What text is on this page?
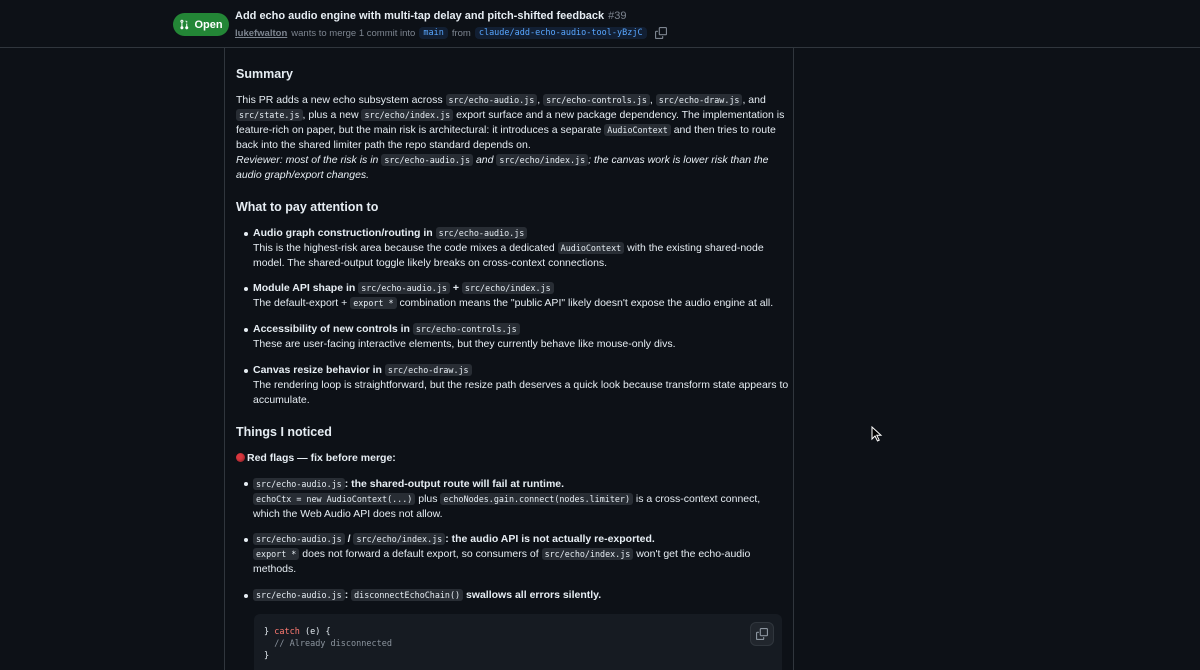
Open
Add echo audio engine with multi-tap delay and pitch-shifted feedback #39
lukefwalton wants to merge 1 commit into main from claude/add-echo-audio-tool-yBzjC
Summary

This PR adds a new echo subsystem across src/echo-audio.js , src/echo-controls.js , src/echo-draw.js , and

src/state.js , plus a new src/echo/index.js export surface and a new package dependency. The implementation is

feature-rich on paper, but the main risk is architectural: it introduces a separate AudioContext and then tries to route

back into the shared limiter path the repo standard depends on.

Reviewer: most of the risk is in src/echo-audio.js and src/echo/index.js ; the canvas work is lower risk than the

audio graph/export changes.

What to pay attention to

Audio graph construction/routing in src/echo-audio.js

This is the highest-risk area because the code mixes a dedicated AudioContext with the existing shared-node

model. The shared-output toggle likely breaks on cross-context connections.

Module API shape in src/echo-audio.js + src/echo/index.js

The default-export + export * combination means the "public API" likely doesn't expose the audio engine at all.

Accessibility of new controls in src/echo-controls.js

These are user-facing interactive elements, but they currently behave like mouse-only divs.

Canvas resize behavior in src/echo-draw.js

The rendering loop is straightforward, but the resize path deserves a quick look because transform state appears to

accumulate.

Things I noticed

Red flags — fix before merge:

src/echo-audio.js : the shared-output route will fail at runtime.

echoCtx = new AudioContext(...) plus echoNodes.gain.connect(nodes.limiter) is a cross-context connect,

which the Web Audio API does not allow.

src/echo-audio.js / src/echo/index.js : the audio API is not actually re-exported.

export * does not forward a default export, so consumers of src/echo/index.js won't get the echo-audio

methods.

src/echo-audio.js : disconnectEchoChain() swallows all errors silently.

} catch (e) {
// Already disconnected
}
